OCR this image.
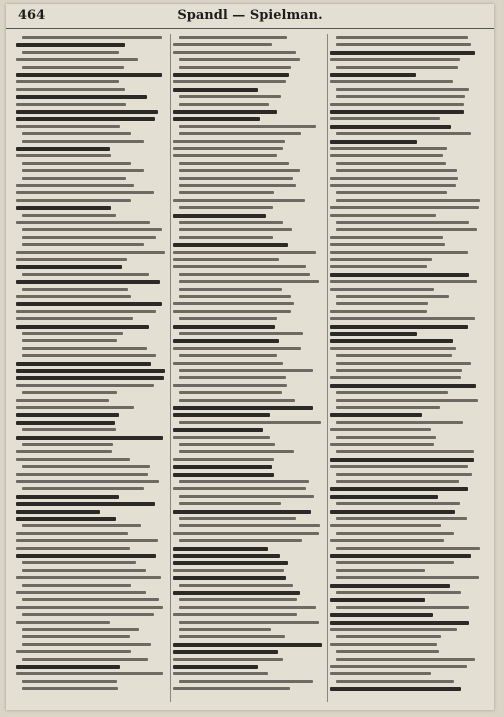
464	Spandl — Spielman.
